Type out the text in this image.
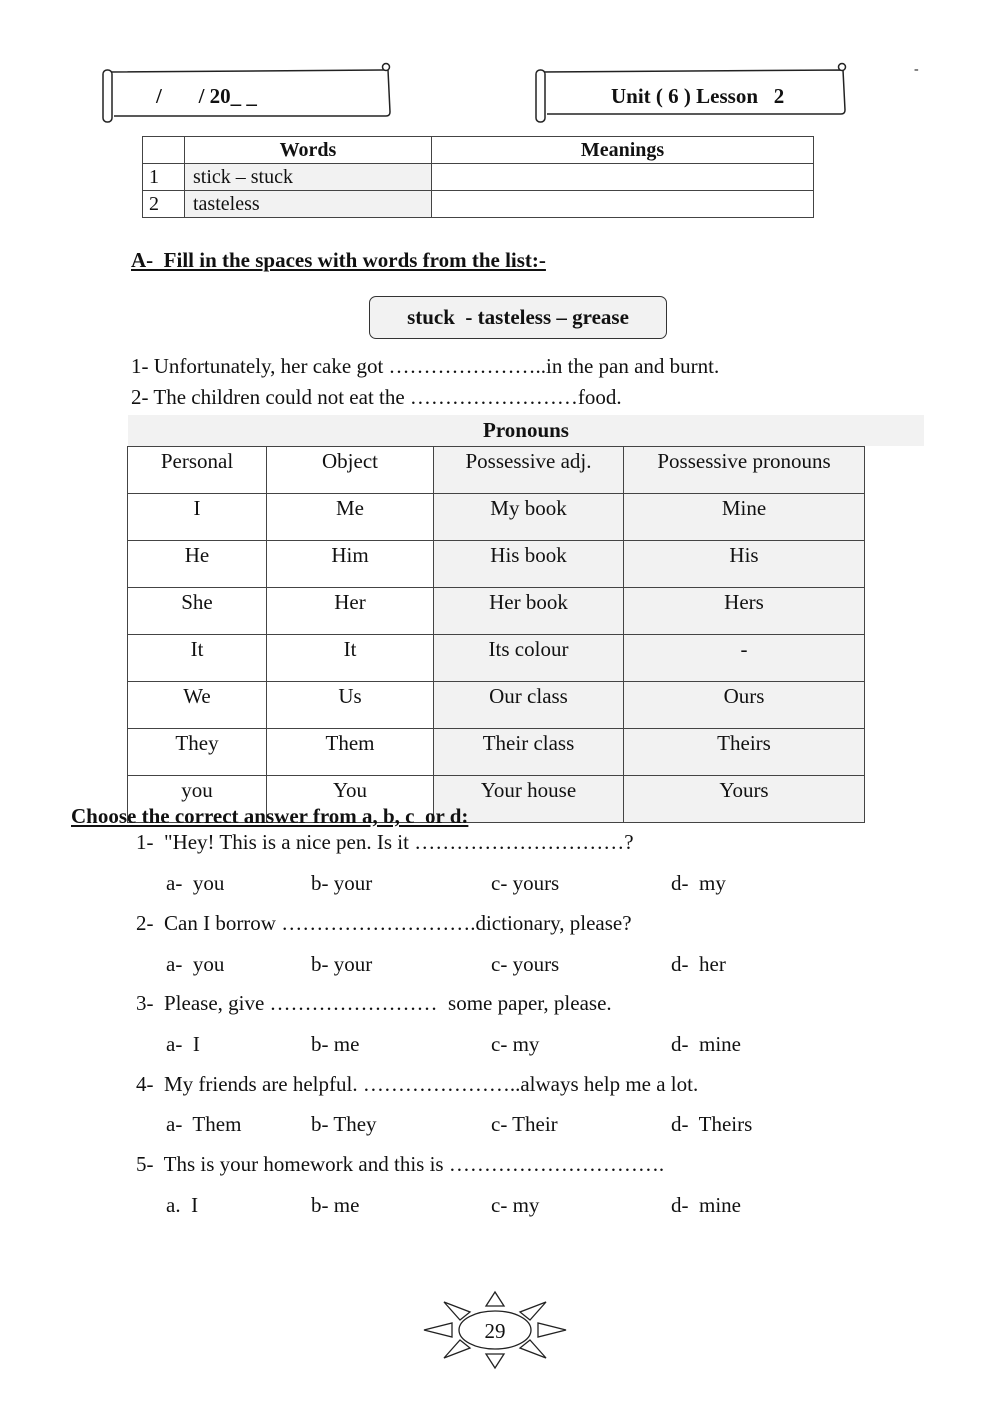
/       / 20_ _	Unit ( 6 ) Lesson   2
-
	Words	Meanings
1	stick – stuck	
2	tasteless	
A-  Fill in the spaces with words from the list:-
stuck  - tasteless – grease
1- Unfortunately, her cake got …………………..in the pan and burnt.
2- The children could not eat the ……………………food.
Pronouns
Personal	Object	Possessive adj.	Possessive pronouns
I	Me	My book	Mine
He	Him	His book	His
She	Her	Her book	Hers
It	It	Its colour	-
We	Us	Our class	Ours
They	Them	Their class	Theirs
you	You	Your house	Yours
Choose the correct answer from a, b, c  or d:
1-  "Hey! This is a nice pen. Is it …………………………?
a-  you	b- your	c- yours	d-  my
2-  Can I borrow ……………………….dictionary, please?
a-  you	b- your	c- yours	d-  her
3-  Please, give ……………………  some paper, please.
a-  I	b- me	c- my	d-  mine
4-  My friends are helpful. …………………..always help me a lot.
a-  Them	b- They	c- Their	d-  Theirs
5-  Ths is your homework and this is ………………………….
a.  I	b- me	c- my	d-  mine
29
